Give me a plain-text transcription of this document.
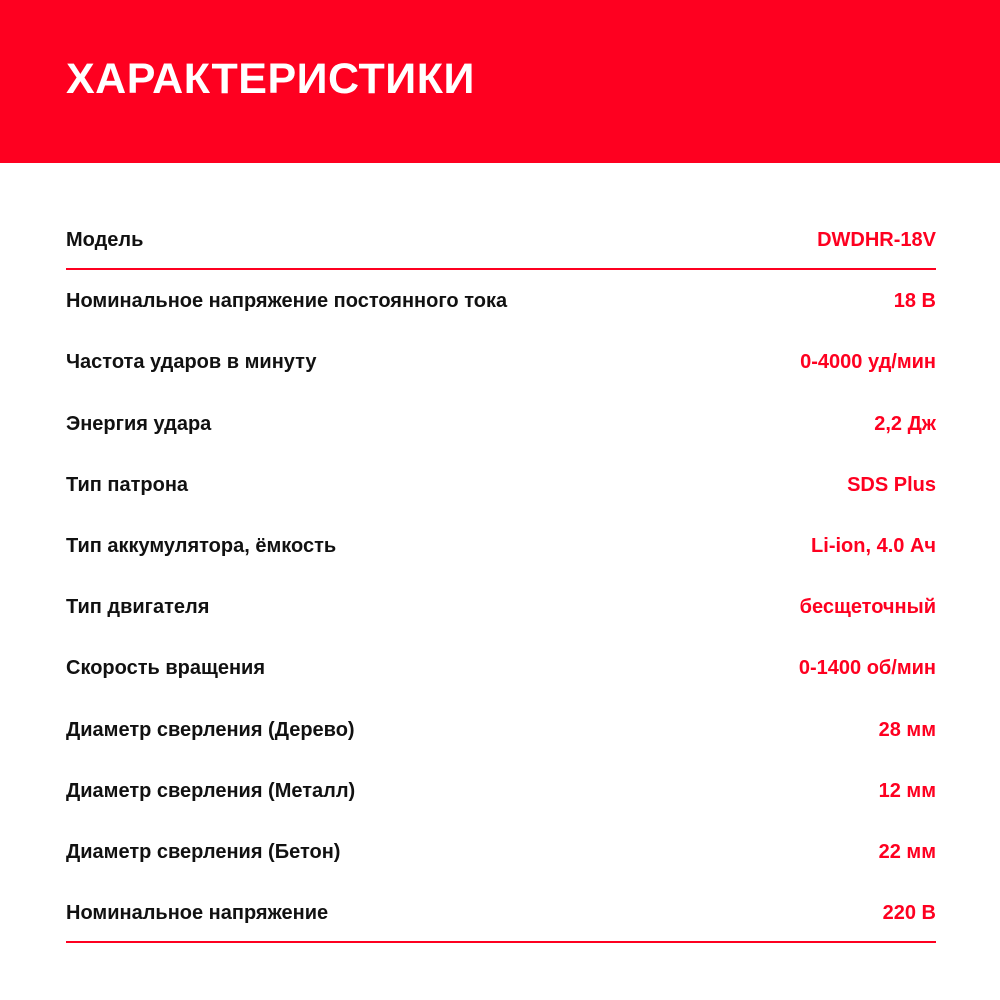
ХАРАКТЕРИСТИКИ
Модель	DWDHR-18V
Номинальное напряжение постоянного тока	18 В
Частота ударов в минуту	0-4000 уд/мин
Энергия удара	2,2 Дж
Тип патрона	SDS Plus
Тип аккумулятора, ёмкость	Li-ion, 4.0 Ач
Тип двигателя	бесщеточный
Скорость вращения	0-1400 об/мин
Диаметр сверления (Дерево)	28 мм
Диаметр сверления (Металл)	12 мм
Диаметр сверления (Бетон)	22 мм
Номинальное напряжение	220 В
